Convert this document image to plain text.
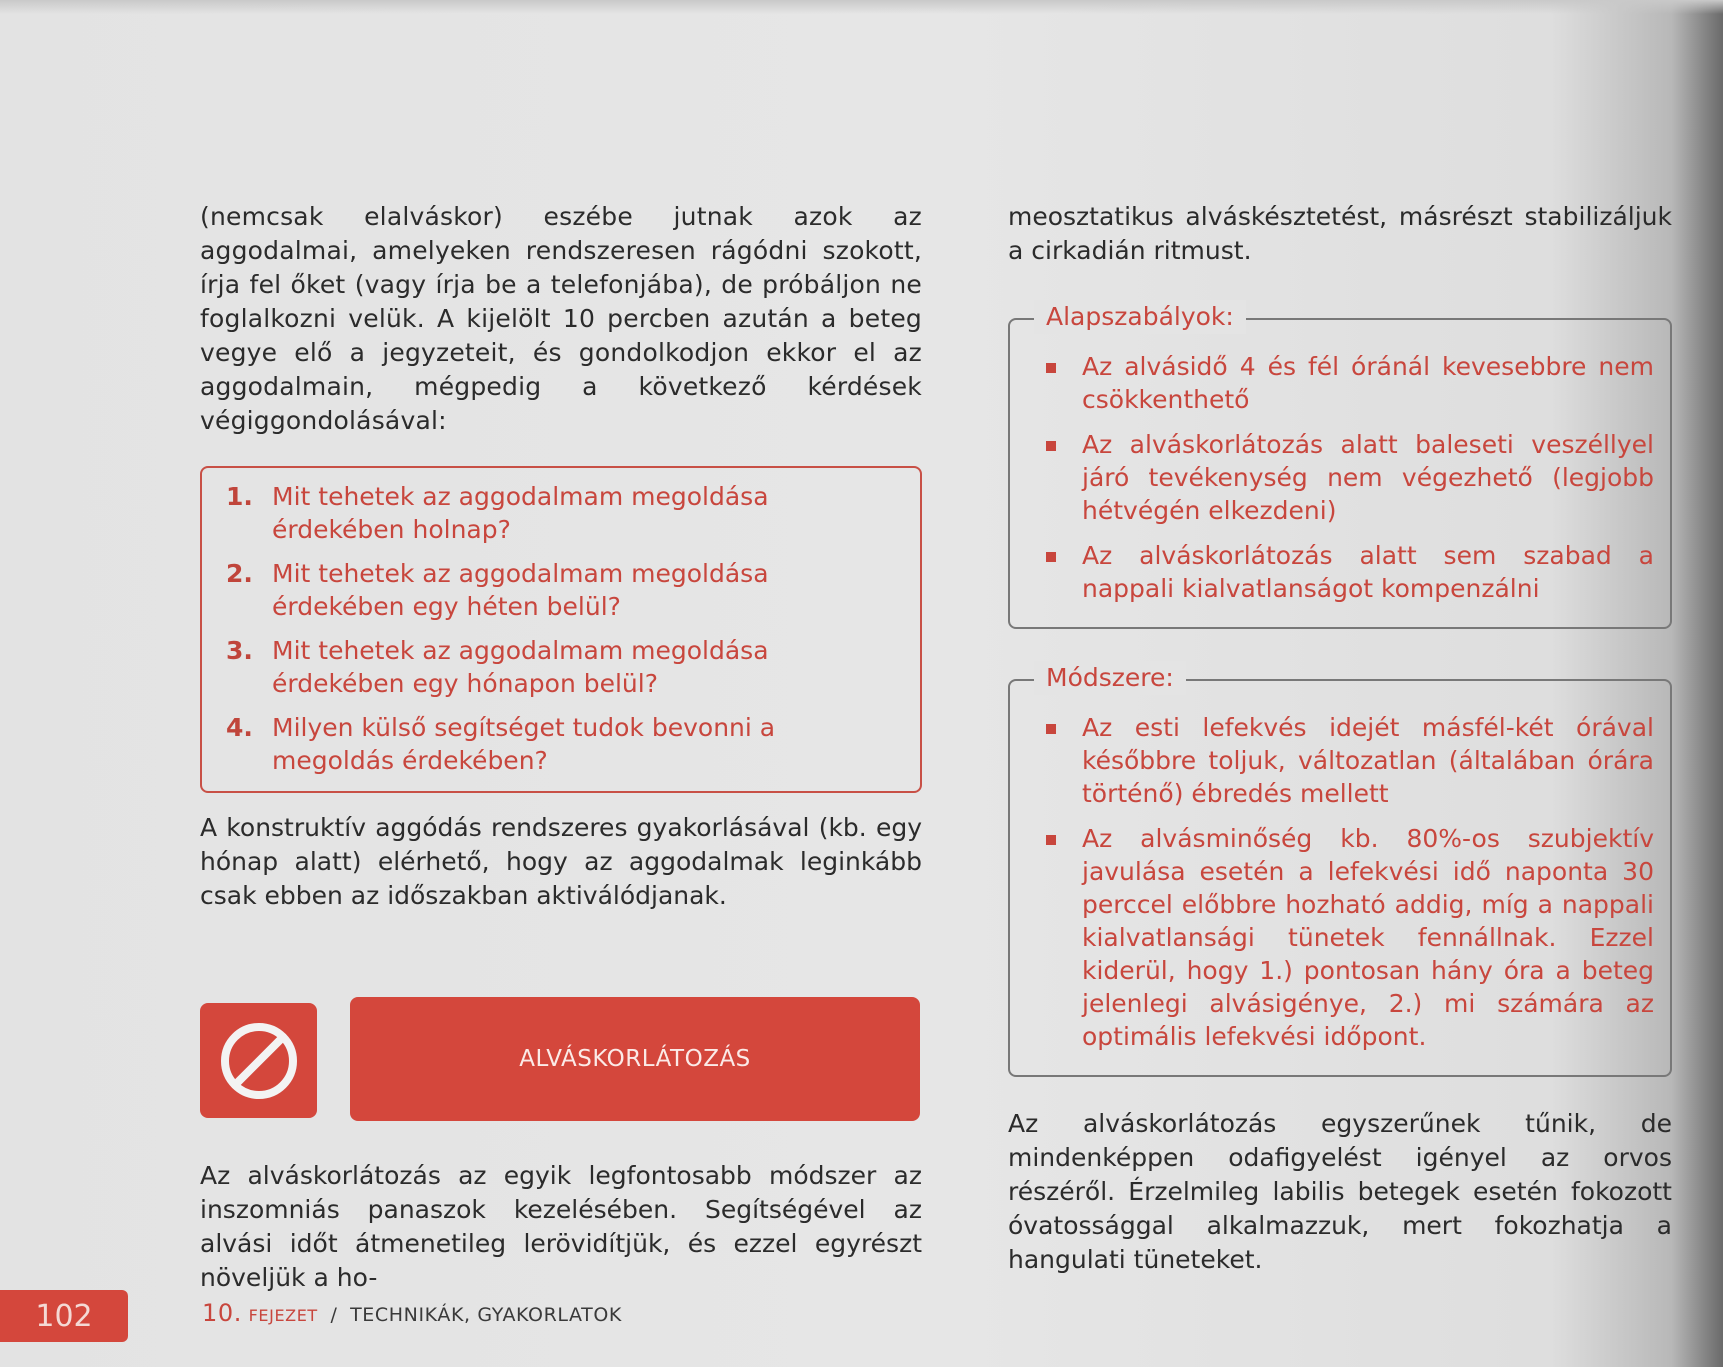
(nemcsak elalváskor) eszébe jutnak azok az aggodalmai, amelyeken rendszeresen rágódni szokott, írja fel őket (vagy írja be a telefonjába), de próbáljon ne foglalkozni velük. A kijelölt 10 percben azután a beteg vegye elő a jegyzeteit, és gondolkodjon ekkor el az aggodalmain, mégpedig a következő kérdések végiggondolásával:

1. Mit tehetek az aggodalmam megoldása érdekében holnap?
2. Mit tehetek az aggodalmam megoldása érdekében egy héten belül?
3. Mit tehetek az aggodalmam megoldása érdekében egy hónapon belül?
4. Milyen külső segítséget tudok bevonni a megoldás érdekében?

A konstruktív aggódás rendszeres gyakorlásával (kb. egy hónap alatt) elérhető, hogy az aggodalmak leginkább csak ebben az időszakban aktiválódjanak.

ALVÁSKORLÁTOZÁS

Az alváskorlátozás az egyik legfontosabb módszer az inszomniás panaszok kezelésében. Segítségével az alvási időt átmenetileg lerövidítjük, és ezzel egyrészt növeljük a ho-

meosztatikus alváskésztetést, másrészt stabilizáljuk a cirkadián ritmust.

Alapszabályok:
Az alvásidő 4 és fél óránál kevesebbre nem csökkenthető
Az alváskorlátozás alatt baleseti veszéllyel járó tevékenység nem végezhető (legjobb hétvégén elkezdeni)
Az alváskorlátozás alatt sem szabad a nappali kialvatlanságot kompenzálni
Módszere:
Az esti lefekvés idejét másfél-két órával későbbre toljuk, változatlan (általában órára történő) ébredés mellett
Az alvásminőség kb. 80%-os szubjektív javulása esetén a lefekvési idő naponta 30 perccel előbbre hozható addig, míg a nappali kialvatlansági tünetek fennállnak. Ezzel kiderül, hogy 1.) pontosan hány óra a beteg jelenlegi alvásigénye, 2.) mi számára az optimális lefekvési időpont.

Az alváskorlátozás egyszerűnek tűnik, de mindenképpen odafigyelést igényel az orvos részéről. Érzelmileg labilis betegek esetén fokozott óvatossággal alkalmazzuk, mert fokozhatja a hangulati tüneteket.

102	10. FEJEZET / TECHNIKÁK, GYAKORLATOK
